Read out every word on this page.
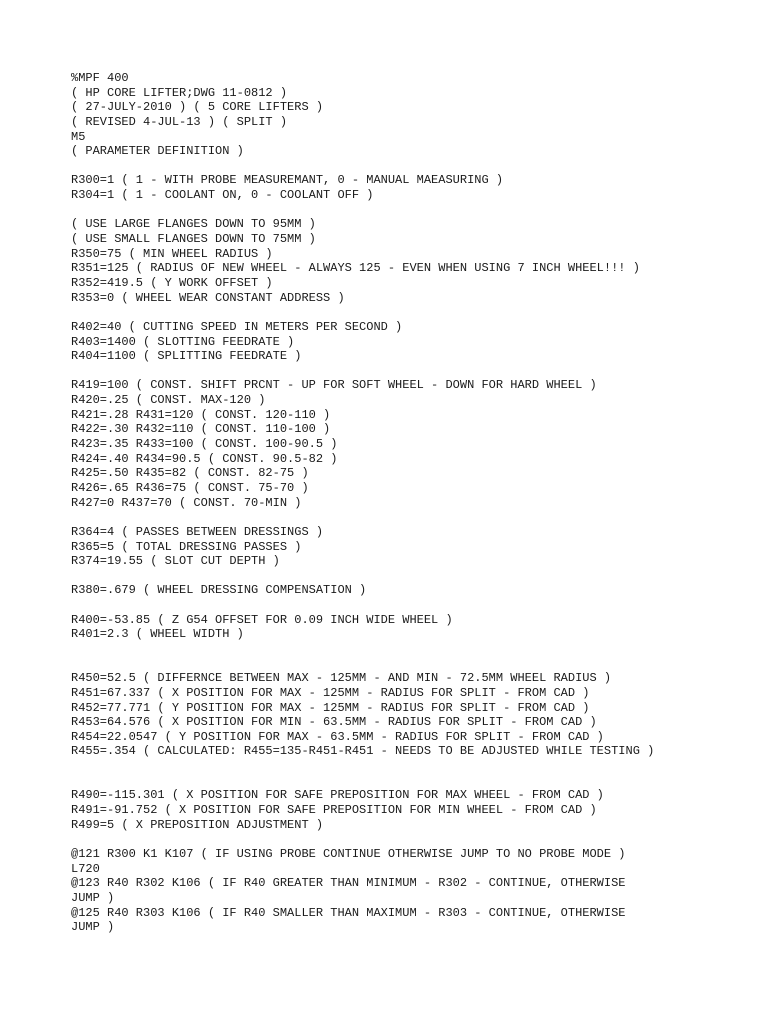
%MPF 400
( HP CORE LIFTER;DWG 11-0812 )
( 27-JULY-2010 ) ( 5 CORE LIFTERS )
( REVISED 4-JUL-13 ) ( SPLIT )
M5
( PARAMETER DEFINITION )
R300=1 ( 1 - WITH PROBE MEASUREMANT, 0 - MANUAL MAEASURING )
R304=1 ( 1 - COOLANT ON, 0 - COOLANT OFF )
( USE LARGE FLANGES DOWN TO 95MM )
( USE SMALL FLANGES DOWN TO 75MM )
R350=75 ( MIN WHEEL RADIUS )
R351=125 ( RADIUS OF NEW WHEEL - ALWAYS 125 - EVEN WHEN USING 7 INCH WHEEL!!! )
R352=419.5 ( Y WORK OFFSET )
R353=0 ( WHEEL WEAR CONSTANT ADDRESS )
R402=40 ( CUTTING SPEED IN METERS PER SECOND )
R403=1400 ( SLOTTING FEEDRATE )
R404=1100 ( SPLITTING FEEDRATE )
R419=100 ( CONST. SHIFT PRCNT - UP FOR SOFT WHEEL - DOWN FOR HARD WHEEL )
R420=.25 ( CONST. MAX-120 )
R421=.28 R431=120 ( CONST. 120-110 )
R422=.30 R432=110 ( CONST. 110-100 )
R423=.35 R433=100 ( CONST. 100-90.5 )
R424=.40 R434=90.5 ( CONST. 90.5-82 )
R425=.50 R435=82 ( CONST. 82-75 )
R426=.65 R436=75 ( CONST. 75-70 )
R427=0 R437=70 ( CONST. 70-MIN )
R364=4 ( PASSES BETWEEN DRESSINGS )
R365=5 ( TOTAL DRESSING PASSES )
R374=19.55 ( SLOT CUT DEPTH )
R380=.679 ( WHEEL DRESSING COMPENSATION )
R400=-53.85 ( Z G54 OFFSET FOR 0.09 INCH WIDE WHEEL )
R401=2.3 ( WHEEL WIDTH )
R450=52.5 ( DIFFERNCE BETWEEN MAX - 125MM - AND MIN - 72.5MM WHEEL RADIUS )
R451=67.337 ( X POSITION FOR MAX - 125MM - RADIUS FOR SPLIT - FROM CAD )
R452=77.771 ( Y POSITION FOR MAX - 125MM - RADIUS FOR SPLIT - FROM CAD )
R453=64.576 ( X POSITION FOR MIN - 63.5MM - RADIUS FOR SPLIT - FROM CAD )
R454=22.0547 ( Y POSITION FOR MAX - 63.5MM - RADIUS FOR SPLIT - FROM CAD )
R455=.354 ( CALCULATED: R455=135-R451-R451 - NEEDS TO BE ADJUSTED WHILE TESTING )
R490=-115.301 ( X POSITION FOR SAFE PREPOSITION FOR MAX WHEEL - FROM CAD )
R491=-91.752 ( X POSITION FOR SAFE PREPOSITION FOR MIN WHEEL - FROM CAD )
R499=5 ( X PREPOSITION ADJUSTMENT )
@121 R300 K1 K107 ( IF USING PROBE CONTINUE OTHERWISE JUMP TO NO PROBE MODE )
L720
@123 R40 R302 K106 ( IF R40 GREATER THAN MINIMUM - R302 - CONTINUE, OTHERWISE
JUMP )
@125 R40 R303 K106 ( IF R40 SMALLER THAN MAXIMUM - R303 - CONTINUE, OTHERWISE
JUMP )
